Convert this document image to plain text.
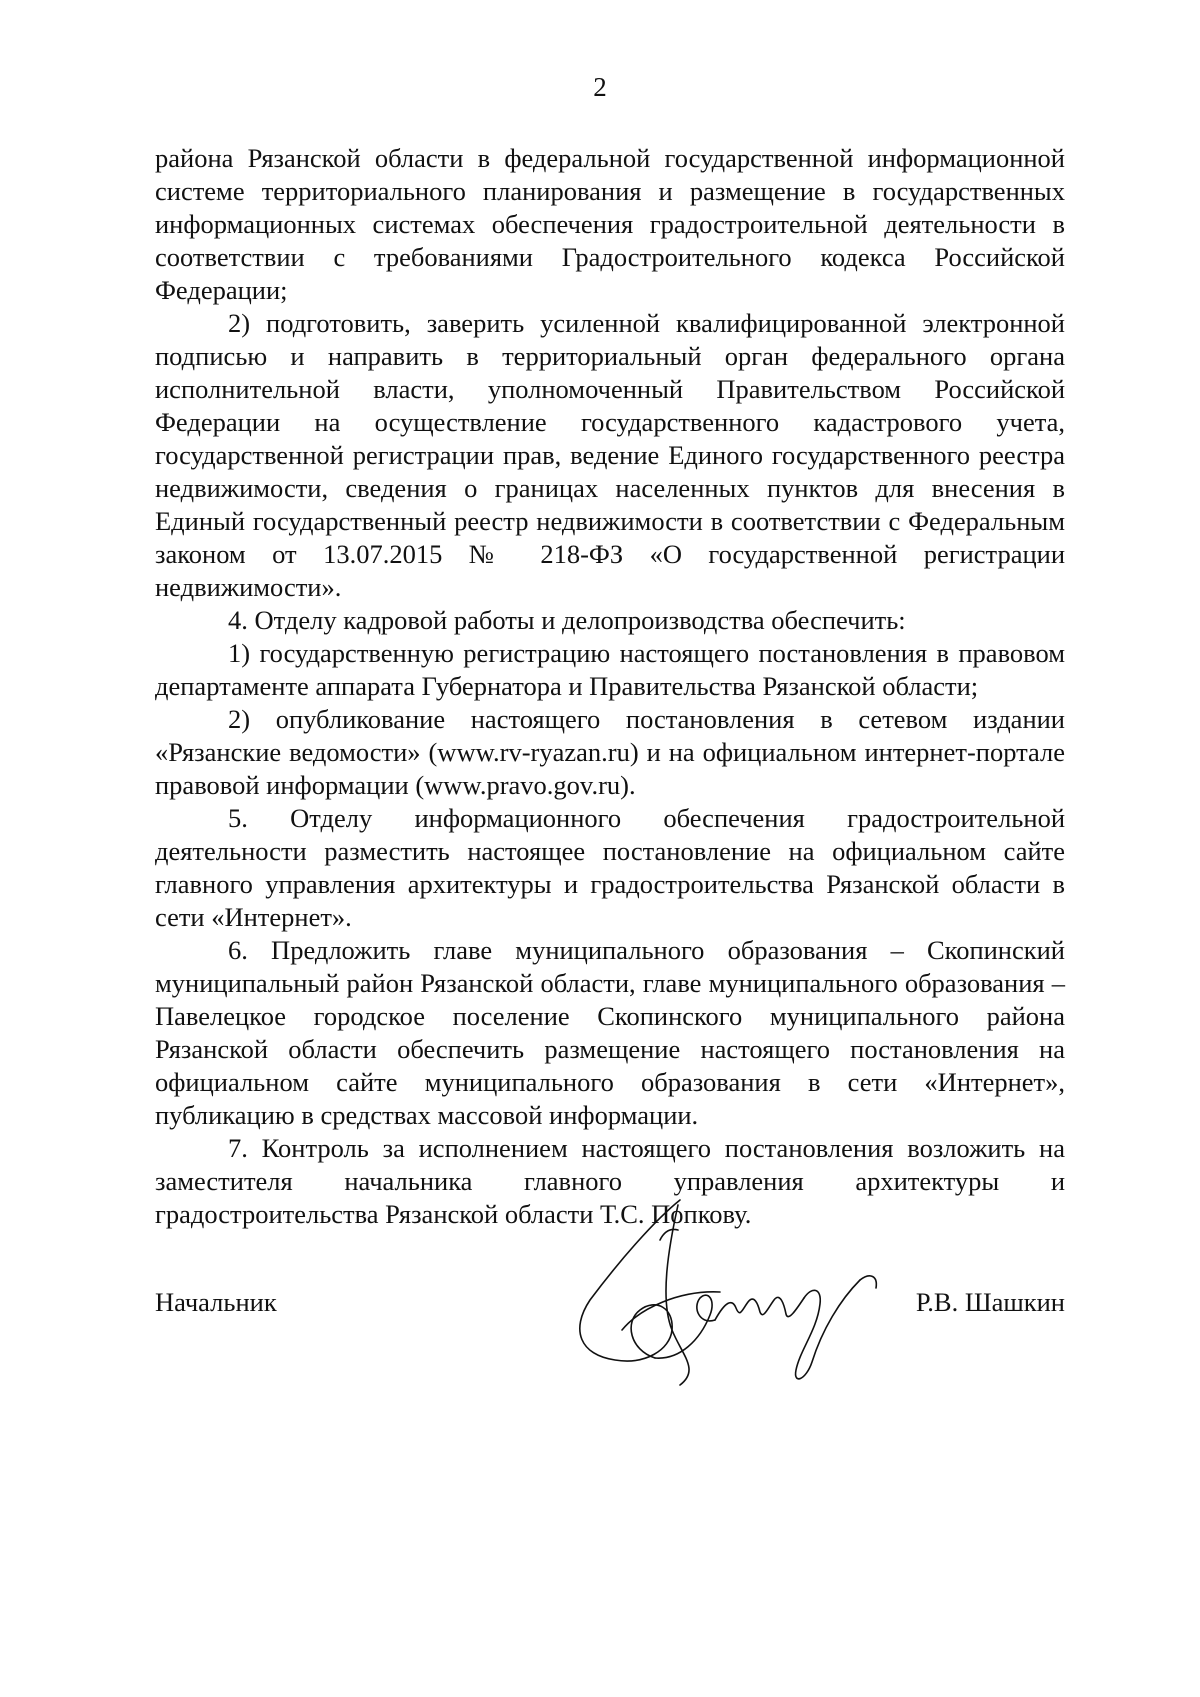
2

района Рязанской области в федеральной государственной информационной системе территориального планирования и размещение в государственных информационных системах обеспечения градостроительной деятельности в соответствии с требованиями Градостроительного кодекса Российской Федерации;

2) подготовить, заверить усиленной квалифицированной электронной подписью и направить в территориальный орган федерального органа исполнительной власти, уполномоченный Правительством Российской Федерации на осуществление государственного кадастрового учета, государственной регистрации прав, ведение Единого государственного реестра недвижимости, сведения о границах населенных пунктов для внесения в Единый государственный реестр недвижимости в соответствии с Федеральным законом от 13.07.2015 № 218-ФЗ «О государственной регистрации недвижимости».

4. Отделу кадровой работы и делопроизводства обеспечить:

1) государственную регистрацию настоящего постановления в правовом департаменте аппарата Губернатора и Правительства Рязанской области;

2) опубликование настоящего постановления в сетевом издании «Рязанские ведомости» (www.rv-ryazan.ru) и на официальном интернет-портале правовой информации (www.pravo.gov.ru).

5. Отделу информационного обеспечения градостроительной деятельности разместить настоящее постановление на официальном сайте главного управления архитектуры и градостроительства Рязанской области в сети «Интернет».

6. Предложить главе муниципального образования – Скопинский муниципальный район Рязанской области, главе муниципального образования – Павелецкое городское поселение Скопинского муниципального района Рязанской области обеспечить размещение настоящего постановления на официальном сайте муниципального образования в сети «Интернет», публикацию в средствах массовой информации.

7. Контроль за исполнением настоящего постановления возложить на заместителя начальника главного управления архитектуры и градостроительства Рязанской области Т.С. Попкову.

Начальник	Р.В. Шашкин
